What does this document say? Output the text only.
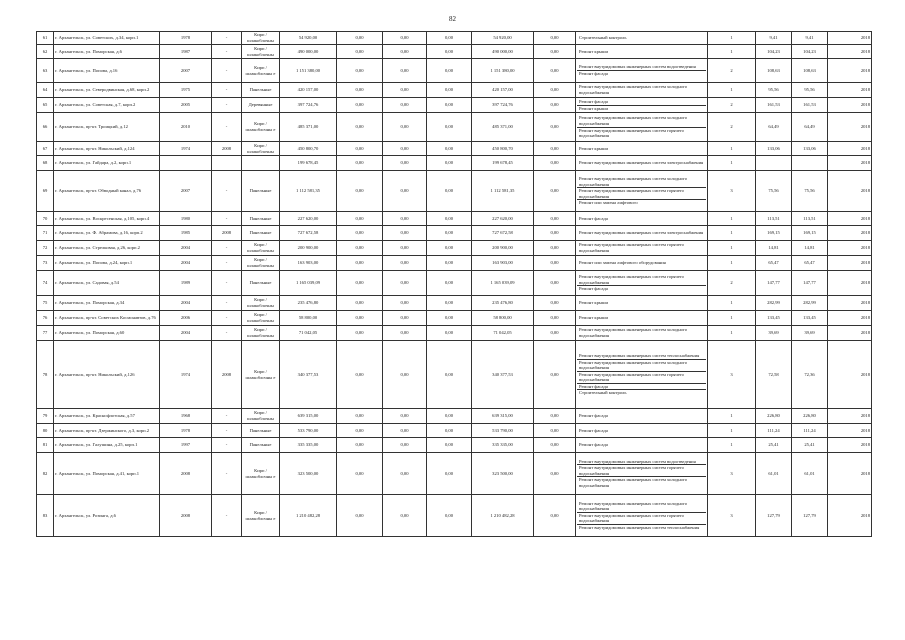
82
61	г. Архангельск, ул. Советских, д.34, корп.1	1978	-	Кирп / шлакоблочны	54 920,00	0,00	0,00	0,00	54 920,00	0,00	Строительный контроль	1	9,41	9,41	2018
62	г. Архангельск, ул. Поморская, д.6	1987	-	Кирп / шлакоблочны	490 000,00	0,00	0,00	0,00	490 000,00	0,00	Ремонт крыши	1	104,23	104,23	2018
63	г. Архангельск, ул. Попова, д.16	2007	-	Кирп / шлакоблочны е	1 151 380,00	0,00	0,00	0,00	1 151 380,00	0,00	Ремонт внутридомовых инженерных систем водоотведения
Ремонт фасада	2	108,63	108,63	2018
64	г. Архангельск, ул. Северодвинская, д.68, корп.2	1975	-	Панельные	420 157,00	0,00	0,00	0,00	420 157,00	0,00	Ремонт внутридомовых инженерных систем холодного водоснабжения	1	95,56	95,56	2018
65	г. Архангельск, ул. Советская, д.7, корп.2	2005	-	Деревянные	397 724,76	0,00	0,00	0,00	397 724,76	0,00	Ремонт фасада
Ремонт крыши	2	161,53	161,53	2018
66	г. Архангельск, пр-кт. Троицкий, д.12	2010	-	Кирп / шлакоблочны е	485 371,00	0,00	0,00	0,00	485 371,00	0,00	Ремонт внутридомовых инженерных систем холодного водоснабжения
Ремонт внутридомовых инженерных систем горячего водоснабжения	2	64,49	64,49	2018
67	г. Архангельск, пр-кт. Никольский, д.124	1974	2008	Кирп / шлакоблочны	450 800,70	0,00	0,00	0,00	450 800,70	0,00	Ремонт крыши	1	133,06	133,06	2018
68	г. Архангельск, ул. Гайдара, д.2, корп.1				199 678,45	0,00	0,00	0,00	199 678,45	0,00	Ремонт внутридомовых инженерных систем электроснабжения	1			2018
69	г. Архангельск, пр-кт. Обводный канал, д.76	2007	-	Панельные	1 112 581,35	0,00	0,00	0,00	1 112 581,35	0,00	Ремонт внутридомовых инженерных систем холодного водоснабжения
Ремонт внутридомовых инженерных систем горячего водоснабжения
Ремонт или замена лифтового	3	75,56	75,56	2018
70	г. Архангельск, ул. Воскресенская, д.105, корп.4	1980	-	Панельные	227 620,00	0,00	0,00	0,00	227 620,00	0,00	Ремонт фасада	1	113,51	113,51	2018
71	г. Архангельск, ул. Ф. Абрамова, д.16, корп.2	1985	2008	Панельные	727 672,58	0,00	0,00	0,00	727 672,58	0,00	Ремонт внутридомовых инженерных систем электроснабжения	1	169,15	169,15	2018
72	г. Архангельск, ул. Стрелковая, д.26, корп.2	2004	-	Кирп / шлакоблочны	200 900,00	0,00	0,00	0,00	200 900,00	0,00	Ремонт внутридомовых инженерных систем горячего водоснабжения	1	14,81	14,81	2018
73	г. Архангельск, ул. Попова, д.24, корп.1	2004	-	Кирп / шлакоблочны	163 903,00	0,00	0,00	0,00	163 903,00	0,00	Ремонт или замена лифтового оборудования	1	65,47	65,47	2018
74	г. Архангельск, ул. Садовая, д.54	1989	-	Панельные	1 165 039,09	0,00	0,00	0,00	1 165 039,09	0,00	Ремонт внутридомовых инженерных систем горячего водоснабжения
Ремонт фасада	2	147,77	147,77	2018
75	г. Архангельск, ул. Поморская, д.34	2004	-	Кирп / шлакоблочны	235 476,80	0,00	0,00	0,00	235 476,80	0,00	Ремонт крыши	1	282,99	282,99	2018
76	г. Архангельск, пр-кт. Советских Космонавтов, д.76	2006	-	Кирп / шлакоблочны	58 800,00	0,00	0,00	0,00	58 800,00	0,00	Ремонт крыши	1	133,45	133,45	2018
77	г. Архангельск, ул. Поморская, д.60	2004	-	Кирп / шлакоблочны	71 042,05	0,00	0,00	0,00	71 042,05	0,00	Ремонт внутридомовых инженерных систем холодного водоснабжения	1	39,69	39,69	2018
78	г. Архангельск, пр-кт. Никольский, д.126	1974	2008	Кирп / шлакоблочны е	340 377,53	0,00	0,00	0,00	340 377,53	0,00	Ремонт внутридомовых инженерных систем теплоснабжения
Ремонт внутридомовых инженерных систем холодного водоснабжения
Ремонт внутридомовых инженерных систем горячего водоснабжения
Ремонт фасада
Строительный контроль	3	72,58	72,36	2018
79	г. Архангельск, ул. Краснофлотская, д.57	1968	-	Кирп / шлакоблочны	639 315,00	0,00	0,00	0,00	639 315,00	0,00	Ремонт фасада	1	226,80	226,80	2018
80	г. Архангельск, пр-кт. Дзержинского, д.3, корп.2	1978	-	Панельные	533 790,00	0,00	0,00	0,00	533 790,00	0,00	Ремонт фасада	1	111,24	111,24	2018
81	г. Архангельск, ул. Галушина, д.25, корп.1	1997	-	Панельные	335 335,00	0,00	0,00	0,00	335 335,00	0,00	Ремонт фасада	1	25,41	25,41	2018
82	г. Архангельск, ул. Поморская, д.41, корп.1	2008	-	Кирп / шлакоблочны е	323 500,00	0,00	0,00	0,00	323 500,00	0,00	Ремонт внутридомовых инженерных систем водоотведения
Ремонт внутридомовых инженерных систем горячего водоснабжения
Ремонт внутридомовых инженерных систем холодного водоснабжения	3	61,01	61,01	2018
83	г. Архангельск, ул. Розинга, д.6	2008	-	Кирп / шлакоблочны е	1 210 482,28	0,00	0,00	0,00	1 210 482,28	0,00	Ремонт внутридомовых инженерных систем холодного водоснабжения
Ремонт внутридомовых инженерных систем горячего водоснабжения
Ремонт внутридомовых инженерных систем теплоснабжения	3	127,79	127,79	2018
